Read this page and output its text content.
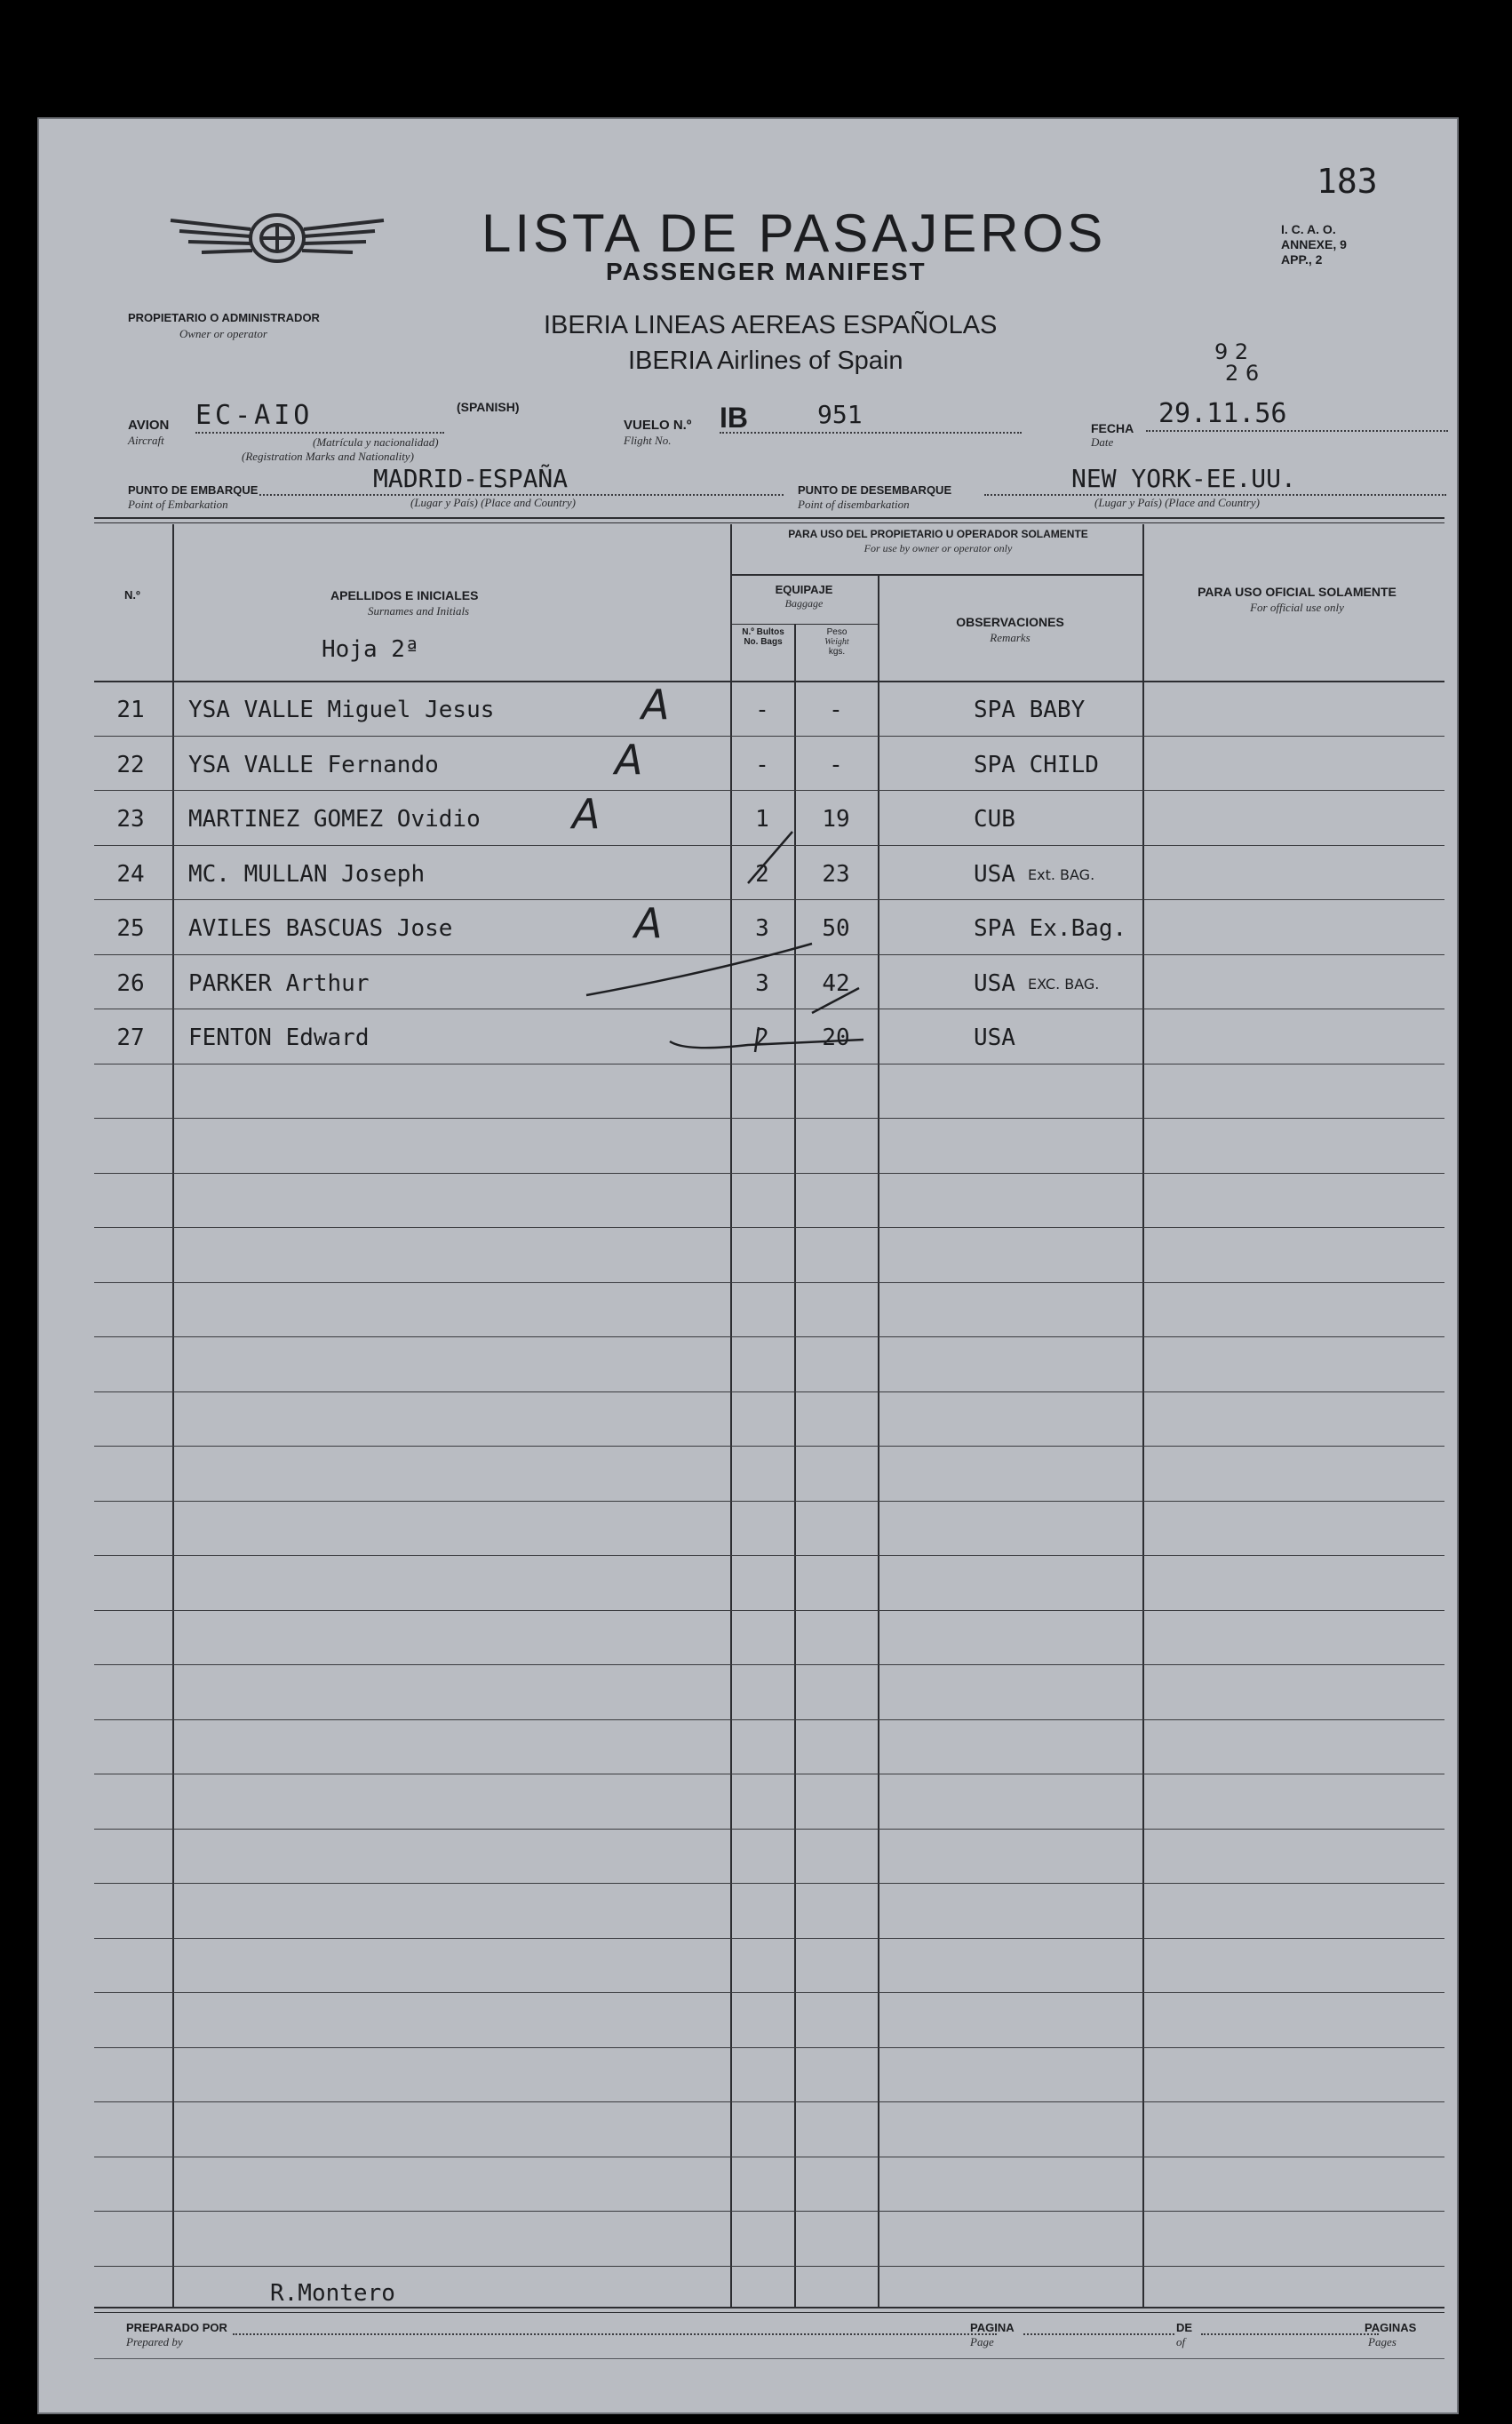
183
LISTA DE PASAJEROS
PASSENGER MANIFEST
I. C. A. O.
ANNEXE, 9
APP., 2
PROPIETARIO O ADMINISTRADOR
Owner or operator	IBERIA LINEAS AEREAS ESPAÑOLAS
IBERIA Airlines of Spain	9 2
2 6
AVION
Aircraft
EC-AIO	(SPANISH)
(Matrícula y nacionalidad)
(Registration Marks and Nationality)
VUELO N.º
Flight No.
IB	951	FECHA
Date
29.11.56
PUNTO DE EMBARQUE
Point of Embarkation
MADRID-ESPAÑA
(Lugar y País) (Place and Country)
PUNTO DE DESEMBARQUE
Point of disembarkation
NEW YORK-EE.UU.
(Lugar y País) (Place and Country)
PARA USO DEL PROPIETARIO U OPERADOR SOLAMENTE
For use by owner or operator only
N.º	APELLIDOS E INICIALES
Surnames and Initials
Hoja 2ª
EQUIPAJE
Baggage
N.º Bultos
No. Bags
Peso
Weight
kgs.
OBSERVACIONES
Remarks
PARA USO OFICIAL SOLAMENTE
For official use only
21	YSA VALLE Miguel Jesus	A	-	-	SPA BABY
22	YSA VALLE Fernando	A	-	-	SPA CHILD
23	MARTINEZ GOMEZ Ovidio	A	1	19	CUB
24	MC. MULLAN Joseph	2	23	USA Ext. BAG.
25	AVILES BASCUAS Jose	A	3	50	SPA Ex.Bag.
26	PARKER Arthur	3	42	USA EXC. BAG.
27	FENTON Edward	2	20	USA
R.Montero
PREPARADO POR
Prepared by
PAGINA
Page
DE
of
PAGINAS
Pages
